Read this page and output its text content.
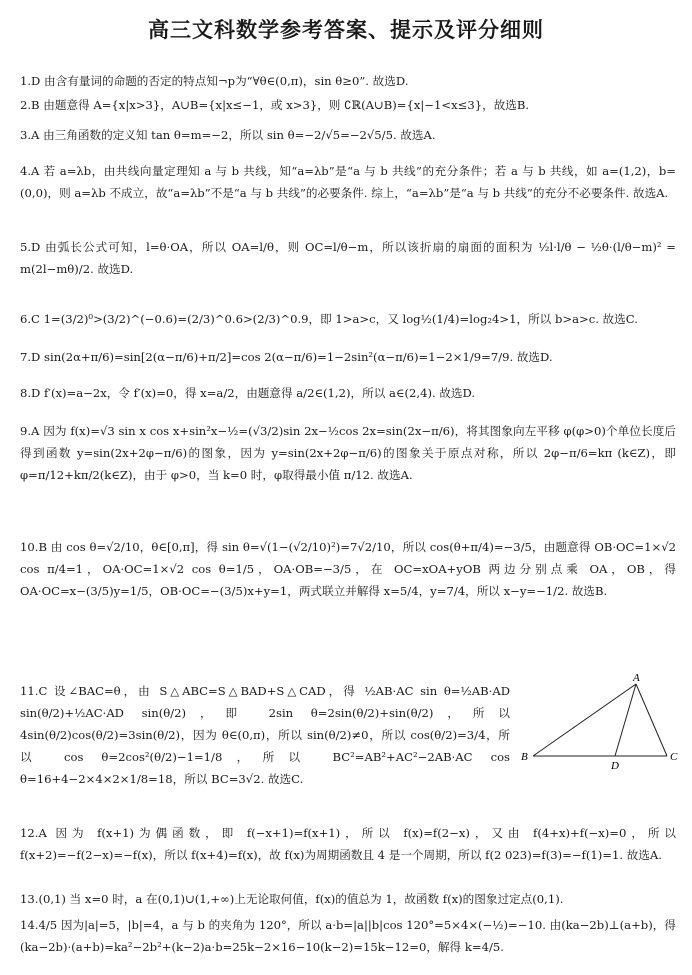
高三文科数学参考答案、提示及评分细则
1.D 由含有量词的命题的否定的特点知¬p为“∀θ∈(0,π)，sin θ≥0”. 故选D.
2.B 由题意得 A={x|x>3}，A∪B={x|x≤−1，或 x>3}，则 ∁ℝ(A∪B)={x|−1<x≤3}，故选B.
3.A 由三角函数的定义知 tan θ=m=−2，所以 sin θ=−2/√5=−2√5/5. 故选A.
4.A 若 a=λb，由共线向量定理知 a 与 b 共线，知“a=λb”是“a 与 b 共线”的充分条件；若 a 与 b 共线，如 a=(1,2)，b=(0,0)，则 a=λb 不成立，故“a=λb”不是“a 与 b 共线”的必要条件. 综上，“a=λb”是“a 与 b 共线”的充分不必要条件. 故选A.
5.D 由弧长公式可知，l=θ·OA，所以 OA=l/θ，则 OC=l/θ−m，所以该折扇的扇面的面积为 ½l·l/θ − ½θ·(l/θ−m)² = m(2l−mθ)/2. 故选D.
6.C 1=(3/2)⁰>(3/2)^(−0.6)=(2/3)^0.6>(2/3)^0.9，即 1>a>c，又 log½(1/4)=log₂4>1，所以 b>a>c. 故选C.
7.D sin(2α+π/6)=sin[2(α−π/6)+π/2]=cos 2(α−π/6)=1−2sin²(α−π/6)=1−2×1/9=7/9. 故选D.
8.D f′(x)=a−2x，令 f′(x)=0，得 x=a/2，由题意得 a/2∈(1,2)，所以 a∈(2,4). 故选D.
9.A 因为 f(x)=√3 sin x cos x+sin²x−½=(√3/2)sin 2x−½cos 2x=sin(2x−π/6)，将其图象向左平移 φ(φ>0)个单位长度后得到函数 y=sin(2x+2φ−π/6)的图象，因为 y=sin(2x+2φ−π/6)的图象关于原点对称，所以 2φ−π/6=kπ (k∈Z)，即 φ=π/12+kπ/2(k∈Z)，由于 φ>0，当 k=0 时，φ取得最小值 π/12. 故选A.
10.B 由 cos θ=√2/10，θ∈[0,π]，得 sin θ=√(1−(√2/10)²)=7√2/10，所以 cos(θ+π/4)=−3/5，由题意得 OB·OC=1×√2 cos π/4=1，OA·OC=1×√2 cos θ=1/5，OA·OB=−3/5，在 OC=xOA+yOB 两边分别点乘 OA，OB，得 OA·OC=x−(3/5)y=1/5，OB·OC=−(3/5)x+y=1，两式联立并解得 x=5/4，y=7/4，所以 x−y=−1/2. 故选B.
11.C 设∠BAC=θ，由 S△ABC=S△BAD+S△CAD，得 ½AB·AC sin θ=½AB·AD sin(θ/2)+½AC·AD sin(θ/2)，即 2sin θ=2sin(θ/2)+sin(θ/2)，所以 4sin(θ/2)cos(θ/2)=3sin(θ/2)，因为 θ∈(0,π)，所以 sin(θ/2)≠0，所以 cos(θ/2)=3/4，所以 cos θ=2cos²(θ/2)−1=1/8，所以 BC²=AB²+AC²−2AB·AC cos θ=16+4−2×4×2×1/8=18，所以 BC=3√2. 故选C.
12.A 因为 f(x+1)为偶函数，即 f(−x+1)=f(x+1)，所以 f(x)=f(2−x)，又由 f(4+x)+f(−x)=0，所以 f(x+2)=−f(2−x)=−f(x)，所以 f(x+4)=f(x)，故 f(x)为周期函数且 4 是一个周期，所以 f(2 023)=f(3)=−f(1)=1. 故选A.
13.(0,1) 当 x=0 时，a 在(0,1)∪(1,+∞)上无论取何值，f(x)的值总为 1，故函数 f(x)的图象过定点(0,1).
14.4/5 因为|a|=5，|b|=4，a 与 b 的夹角为 120°，所以 a·b=|a||b|cos 120°=5×4×(−½)=−10. 由(ka−2b)⊥(a+b)，得(ka−2b)·(a+b)=ka²−2b²+(k−2)a·b=25k−2×16−10(k−2)=15k−12=0，解得 k=4/5.
A
B	C
D
